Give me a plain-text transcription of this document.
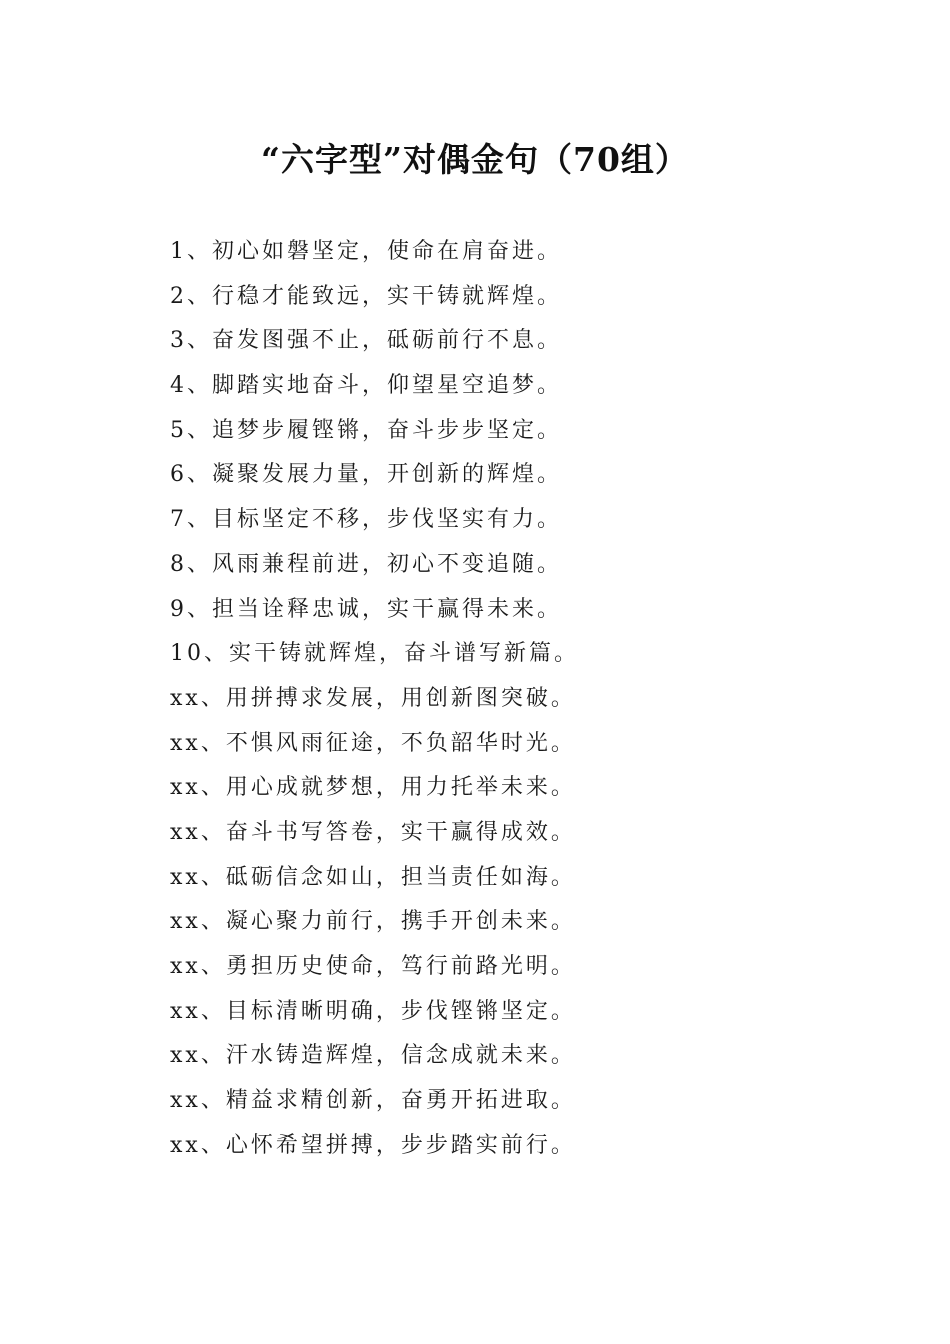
“六字型”对偶金句（70组）
1、初心如磐坚定，使命在肩奋进。
2、行稳才能致远，实干铸就辉煌。
3、奋发图强不止，砥砺前行不息。
4、脚踏实地奋斗，仰望星空追梦。
5、追梦步履铿锵，奋斗步步坚定。
6、凝聚发展力量，开创新的辉煌。
7、目标坚定不移，步伐坚实有力。
8、风雨兼程前进，初心不变追随。
9、担当诠释忠诚，实干赢得未来。
10、实干铸就辉煌，奋斗谱写新篇。
xx、用拼搏求发展，用创新图突破。
xx、不惧风雨征途，不负韶华时光。
xx、用心成就梦想，用力托举未来。
xx、奋斗书写答卷，实干赢得成效。
xx、砥砺信念如山，担当责任如海。
xx、凝心聚力前行，携手开创未来。
xx、勇担历史使命，笃行前路光明。
xx、目标清晰明确，步伐铿锵坚定。
xx、汗水铸造辉煌，信念成就未来。
xx、精益求精创新，奋勇开拓进取。
xx、心怀希望拼搏，步步踏实前行。
